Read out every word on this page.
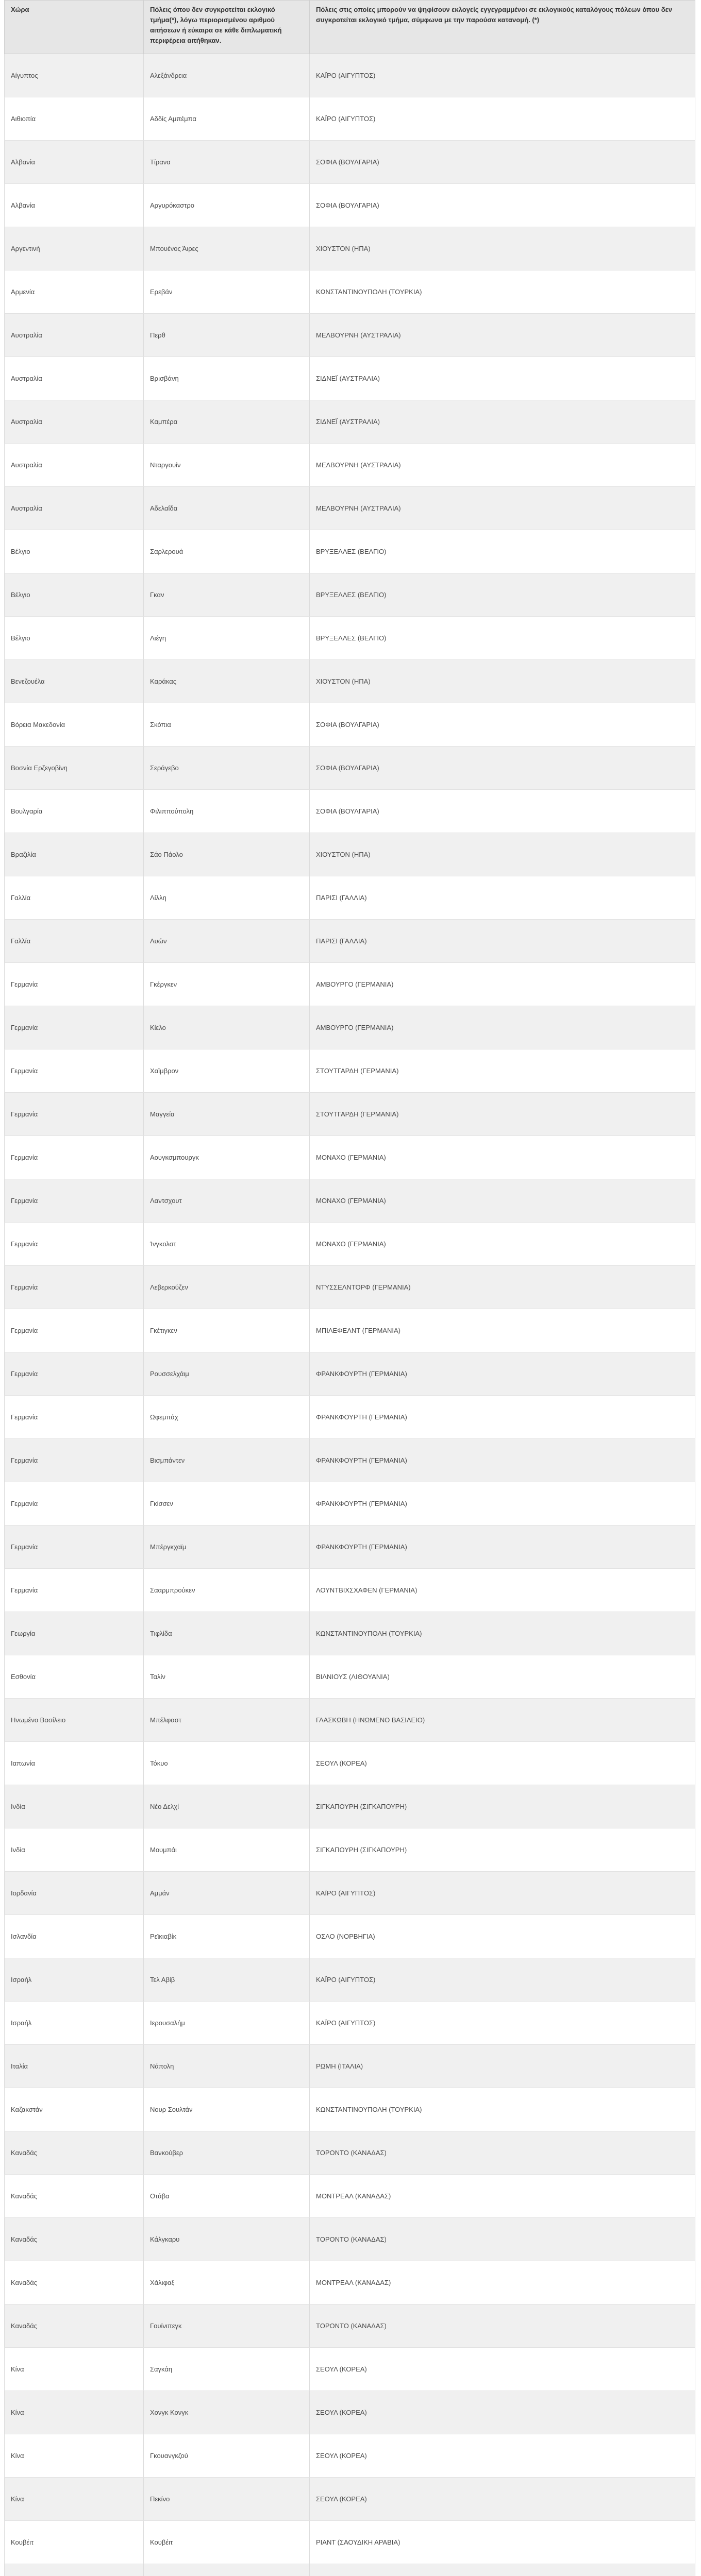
Χώρα	Πόλεις όπου δεν συγκροτείται εκλογικό τμήμα(*), λόγω περιορισμένου αριθμού αιτήσεων ή εύκαιρα σε κάθε διπλωματική περιφέρεια αιτήθηκαν.	Πόλεις στις οποίες μπορούν να ψηφίσουν εκλογείς εγγεγραμμένοι σε εκλογικούς καταλόγους πόλεων όπου δεν συγκροτείται εκλογικό τμήμα, σύμφωνα με την παρούσα κατανομή. (*)
Αίγυπτος	Αλεξάνδρεια	ΚΑΪΡΟ (ΑΙΓΥΠΤΟΣ)
Αιθιοπία	Αδδίς Αμπέμπα	ΚΑΪΡΟ (ΑΙΓΥΠΤΟΣ)
Αλβανία	Τίρανα	ΣΟΦΙΑ (ΒΟΥΛΓΑΡΙΑ)
Αλβανία	Αργυρόκαστρο	ΣΟΦΙΑ (ΒΟΥΛΓΑΡΙΑ)
Αργεντινή	Μπουένος Άιρες	ΧΙΟΥΣΤΟΝ (ΗΠΑ)
Αρμενία	Ερεβάν	ΚΩΝΣΤΑΝΤΙΝΟΥΠΟΛΗ (ΤΟΥΡΚΙΑ)
Αυστραλία	Περθ	ΜΕΛΒΟΥΡΝΗ (ΑΥΣΤΡΑΛΙΑ)
Αυστραλία	Βρισβάνη	ΣΙΔΝΕΪ (ΑΥΣΤΡΑΛΙΑ)
Αυστραλία	Καμπέρα	ΣΙΔΝΕΪ (ΑΥΣΤΡΑΛΙΑ)
Αυστραλία	Νταργουίν	ΜΕΛΒΟΥΡΝΗ (ΑΥΣΤΡΑΛΙΑ)
Αυστραλία	Αδελαΐδα	ΜΕΛΒΟΥΡΝΗ (ΑΥΣΤΡΑΛΙΑ)
Βέλγιο	Σαρλερουά	ΒΡΥΞΕΛΛΕΣ (ΒΕΛΓΙΟ)
Βέλγιο	Γκαν	ΒΡΥΞΕΛΛΕΣ (ΒΕΛΓΙΟ)
Βέλγιο	Λιέγη	ΒΡΥΞΕΛΛΕΣ (ΒΕΛΓΙΟ)
Βενεζουέλα	Καράκας	ΧΙΟΥΣΤΟΝ (ΗΠΑ)
Βόρεια Μακεδονία	Σκόπια	ΣΟΦΙΑ (ΒΟΥΛΓΑΡΙΑ)
Βοσνία Ερζεγοβίνη	Σεράγεβο	ΣΟΦΙΑ (ΒΟΥΛΓΑΡΙΑ)
Βουλγαρία	Φιλιππούπολη	ΣΟΦΙΑ (ΒΟΥΛΓΑΡΙΑ)
Βραζιλία	Σάο Πάολο	ΧΙΟΥΣΤΟΝ (ΗΠΑ)
Γαλλία	Λίλλη	ΠΑΡΙΣΙ (ΓΑΛΛΙΑ)
Γαλλία	Λυών	ΠΑΡΙΣΙ (ΓΑΛΛΙΑ)
Γερμανία	Γκέργκεν	ΑΜΒΟΥΡΓΟ (ΓΕΡΜΑΝΙΑ)
Γερμανία	Κίελο	ΑΜΒΟΥΡΓΟ (ΓΕΡΜΑΝΙΑ)
Γερμανία	Χαϊμβρον	ΣΤΟΥΤΓΑΡΔΗ (ΓΕΡΜΑΝΙΑ)
Γερμανία	Μαγγεία	ΣΤΟΥΤΓΑΡΔΗ (ΓΕΡΜΑΝΙΑ)
Γερμανία	Αουγκσμπουργκ	ΜΟΝΑΧΟ (ΓΕΡΜΑΝΙΑ)
Γερμανία	Λαντσχουτ	ΜΟΝΑΧΟ (ΓΕΡΜΑΝΙΑ)
Γερμανία	Ίνγκολστ	ΜΟΝΑΧΟ (ΓΕΡΜΑΝΙΑ)
Γερμανία	Λεβερκούζεν	ΝΤΥΣΣΕΛΝΤΟΡΦ (ΓΕΡΜΑΝΙΑ)
Γερμανία	Γκέτιγκεν	ΜΠΙΛΕΦΕΛΝΤ (ΓΕΡΜΑΝΙΑ)
Γερμανία	Ρουσσελχάιμ	ΦΡΑΝΚΦΟΥΡΤΗ (ΓΕΡΜΑΝΙΑ)
Γερμανία	Ωφεμπάχ	ΦΡΑΝΚΦΟΥΡΤΗ (ΓΕΡΜΑΝΙΑ)
Γερμανία	Βισμπάντεν	ΦΡΑΝΚΦΟΥΡΤΗ (ΓΕΡΜΑΝΙΑ)
Γερμανία	Γκίσσεν	ΦΡΑΝΚΦΟΥΡΤΗ (ΓΕΡΜΑΝΙΑ)
Γερμανία	Μπέργκχαϊμ	ΦΡΑΝΚΦΟΥΡΤΗ (ΓΕΡΜΑΝΙΑ)
Γερμανία	Σααρμπρούκεν	ΛΟΥΝΤΒΙΧΣΧΑΦΕΝ (ΓΕΡΜΑΝΙΑ)
Γεωργία	Τιφλίδα	ΚΩΝΣΤΑΝΤΙΝΟΥΠΟΛΗ (ΤΟΥΡΚΙΑ)
Εσθονία	Ταλίν	ΒΙΛΝΙΟΥΣ (ΛΙΘΟΥΑΝΙΑ)
Ηνωμένο Βασίλειο	Μπέλφαστ	ΓΛΑΣΚΩΒΗ (ΗΝΩΜΕΝΟ ΒΑΣΙΛΕΙΟ)
Ιαπωνία	Τόκυο	ΣΕΟΥΛ (ΚΟΡΕΑ)
Ινδία	Νέο Δελχί	ΣΙΓΚΑΠΟΥΡΗ (ΣΙΓΚΑΠΟΥΡΗ)
Ινδία	Μουμπάι	ΣΙΓΚΑΠΟΥΡΗ (ΣΙΓΚΑΠΟΥΡΗ)
Ιορδανία	Αμμάν	ΚΑΪΡΟ (ΑΙΓΥΠΤΟΣ)
Ισλανδία	Ρεϊκιαβίκ	ΟΣΛΟ (ΝΟΡΒΗΓΙΑ)
Ισραήλ	Τελ Αβίβ	ΚΑΪΡΟ (ΑΙΓΥΠΤΟΣ)
Ισραήλ	Ιερουσαλήμ	ΚΑΪΡΟ (ΑΙΓΥΠΤΟΣ)
Ιταλία	Νάπολη	ΡΩΜΗ (ΙΤΑΛΙΑ)
Καζακστάν	Νουρ Σουλτάν	ΚΩΝΣΤΑΝΤΙΝΟΥΠΟΛΗ (ΤΟΥΡΚΙΑ)
Καναδάς	Βανκούβερ	ΤΟΡΟΝΤΟ (ΚΑΝΑΔΑΣ)
Καναδάς	Οτάβα	ΜΟΝΤΡΕΑΛ (ΚΑΝΑΔΑΣ)
Καναδάς	Κάλγκαρυ	ΤΟΡΟΝΤΟ (ΚΑΝΑΔΑΣ)
Καναδάς	Χάλιφαξ	ΜΟΝΤΡΕΑΛ (ΚΑΝΑΔΑΣ)
Καναδάς	Γουίνιπεγκ	ΤΟΡΟΝΤΟ (ΚΑΝΑΔΑΣ)
Κίνα	Σαγκάη	ΣΕΟΥΛ (ΚΟΡΕΑ)
Κίνα	Χονγκ Κονγκ	ΣΕΟΥΛ (ΚΟΡΕΑ)
Κίνα	Γκουανγκζού	ΣΕΟΥΛ (ΚΟΡΕΑ)
Κίνα	Πεκίνο	ΣΕΟΥΛ (ΚΟΡΕΑ)
Κουβέιτ	Κουβέιτ	ΡΙΑΝΤ (ΣΑΟΥΔΙΚΗ ΑΡΑΒΙΑ)
